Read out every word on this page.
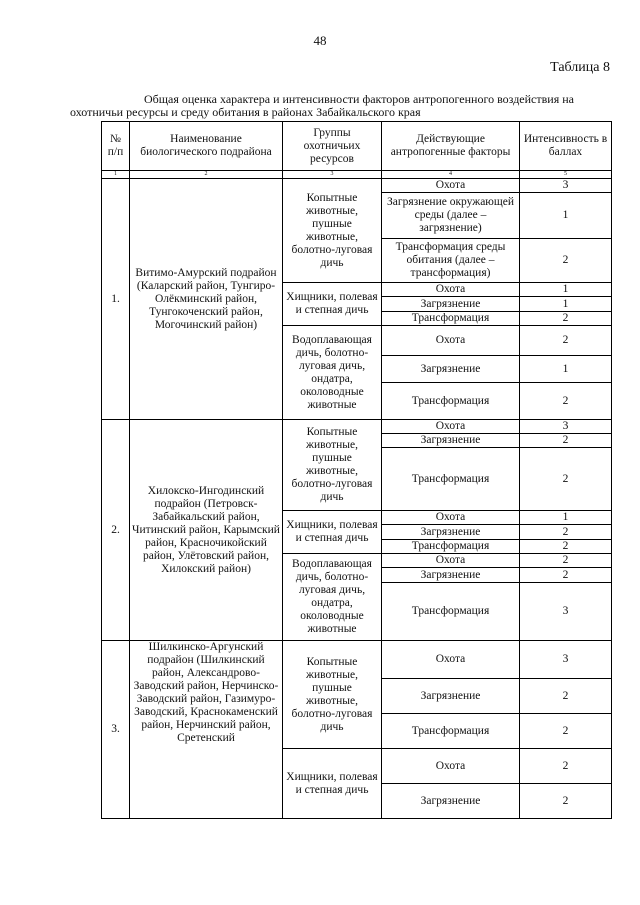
48
Таблица 8
Общая оценка характера и интенсивности факторов антропогенного воздействия на охотничьи ресурсы и среду обитания в районах Забайкальского края
№ п/п	Наименование биологического подрайона	Группы охотничьих ресурсов	Действующие антропогенные факторы	Интенсивность в баллах
1	2	3	4	5
1.	Витимо-Амурский подрайон (Каларский район, Тунгиро-Олёкминский район, Тунгокоченский район, Могочинский район)	Копытные животные, пушные животные, болотно-луговая дичь	Охота	3
			Загрязнение окружающей среды (далее – загрязнение)	1
			Трансформация среды обитания (далее – трансформация)	2
		Хищники, полевая и степная дичь	Охота	1
			Загрязнение	1
			Трансформация	2
		Водоплавающая дичь, болотно-луговая дичь, ондатра, околоводные животные	Охота	2
			Загрязнение	1
			Трансформация	2
2.	Хилокско-Ингодинский подрайон (Петровск-Забайкальский район, Читинский район, Карымский район, Красночикойский район, Улётовский район, Хилокский район)	Копытные животные, пушные животные, болотно-луговая дичь	Охота	3
			Загрязнение	2
			Трансформация	2
		Хищники, полевая и степная дичь	Охота	1
			Загрязнение	2
			Трансформация	2
		Водоплавающая дичь, болотно-луговая дичь, ондатра, околоводные животные	Охота	2
			Загрязнение	2
			Трансформация	3
3.	Шилкинско-Аргунский подрайон (Шилкинский район, Александрово-Заводский район, Нерчинско-Заводский район, Газимуро-Заводский, Краснокаменский район, Нерчинский район, Сретенский	Копытные животные, пушные животные, болотно-луговая дичь	Охота	3
			Загрязнение	2
			Трансформация	2
		Хищники, полевая и степная дичь	Охота	2
			Загрязнение	2
